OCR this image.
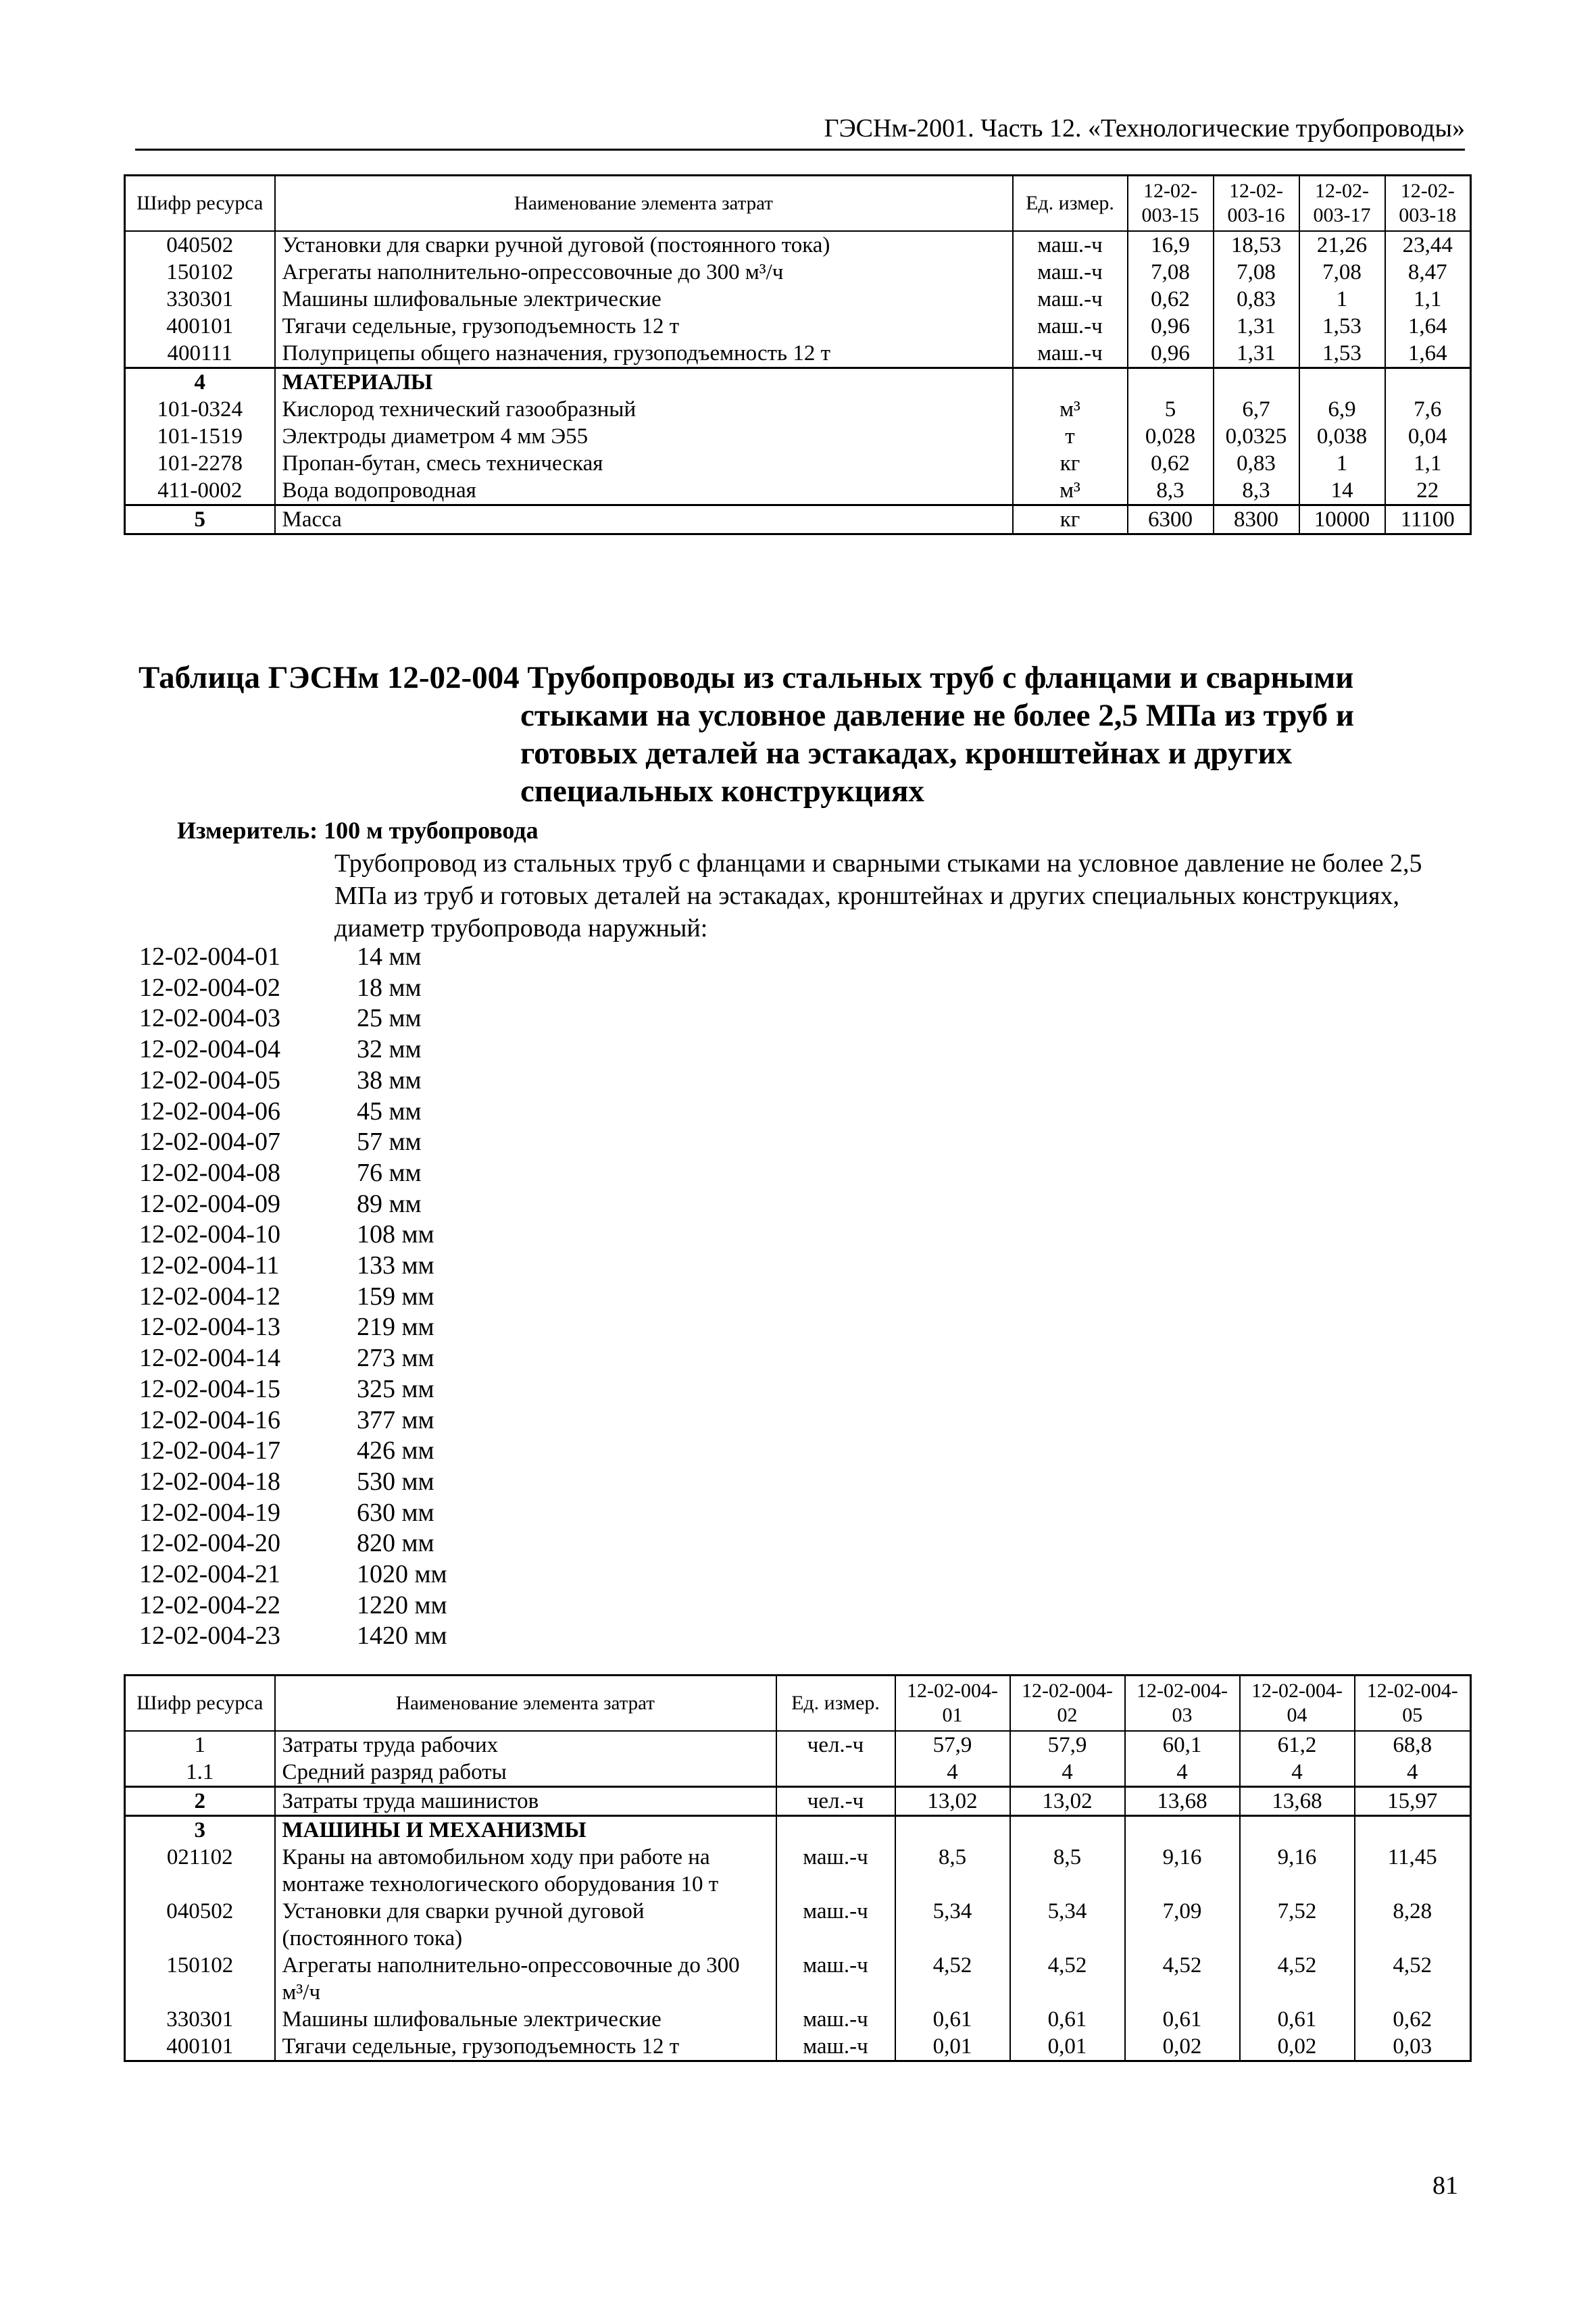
ГЭСНм-2001. Часть 12. «Технологические трубопроводы»
Шифр ресурса	Наименование элемента затрат	Ед. измер.	12-02-003-15	12-02-003-16	12-02-003-17	12-02-003-18
040502	Установки для сварки ручной дуговой (постоянного тока)	маш.-ч	16,9	18,53	21,26	23,44
150102	Агрегаты наполнительно-опрессовочные до 300 м³/ч	маш.-ч	7,08	7,08	7,08	8,47
330301	Машины шлифовальные электрические	маш.-ч	0,62	0,83	1	1,1
400101	Тягачи седельные, грузоподъемность 12 т	маш.-ч	0,96	1,31	1,53	1,64
400111	Полуприцепы общего назначения, грузоподъемность 12 т	маш.-ч	0,96	1,31	1,53	1,64
4	МАТЕРИАЛЫ					
101-0324	Кислород технический газообразный	м³	5	6,7	6,9	7,6
101-1519	Электроды диаметром 4 мм Э55	т	0,028	0,0325	0,038	0,04
101-2278	Пропан-бутан, смесь техническая	кг	0,62	0,83	1	1,1
411-0002	Вода водопроводная	м³	8,3	8,3	14	22
5	Масса	кг	6300	8300	10000	11100
Таблица ГЭСНм 12-02-004 Трубопроводы из стальных труб с фланцами и сварными
стыками на условное давление не более 2,5 МПа из труб и
готовых деталей на эстакадах, кронштейнах и других
специальных конструкциях
Измеритель: 100 м трубопровода
Трубопровод из стальных труб с фланцами и сварными стыками на условное давление не более 2,5 МПа из труб и готовых деталей на эстакадах, кронштейнах и других специальных конструкциях, диаметр трубопровода наружный:
12-02-004-01	14 мм
12-02-004-02	18 мм
12-02-004-03	25 мм
12-02-004-04	32 мм
12-02-004-05	38 мм
12-02-004-06	45 мм
12-02-004-07	57 мм
12-02-004-08	76 мм
12-02-004-09	89 мм
12-02-004-10	108 мм
12-02-004-11	133 мм
12-02-004-12	159 мм
12-02-004-13	219 мм
12-02-004-14	273 мм
12-02-004-15	325 мм
12-02-004-16	377 мм
12-02-004-17	426 мм
12-02-004-18	530 мм
12-02-004-19	630 мм
12-02-004-20	820 мм
12-02-004-21	1020 мм
12-02-004-22	1220 мм
12-02-004-23	1420 мм
Шифр ресурса	Наименование элемента затрат	Ед. измер.	12-02-004-01	12-02-004-02	12-02-004-03	12-02-004-04	12-02-004-05
1	Затраты труда рабочих	чел.-ч	57,9	57,9	60,1	61,2	68,8
1.1	Средний разряд работы		4	4	4	4	4
2	Затраты труда машинистов	чел.-ч	13,02	13,02	13,68	13,68	15,97
3	МАШИНЫ И МЕХАНИЗМЫ						
021102	Краны на автомобильном ходу при работе на монтаже технологического оборудования 10 т	маш.-ч	8,5	8,5	9,16	9,16	11,45
040502	Установки для сварки ручной дуговой (постоянного тока)	маш.-ч	5,34	5,34	7,09	7,52	8,28
150102	Агрегаты наполнительно-опрессовочные до 300 м³/ч	маш.-ч	4,52	4,52	4,52	4,52	4,52
330301	Машины шлифовальные электрические	маш.-ч	0,61	0,61	0,61	0,61	0,62
400101	Тягачи седельные, грузоподъемность 12 т	маш.-ч	0,01	0,01	0,02	0,02	0,03
81
